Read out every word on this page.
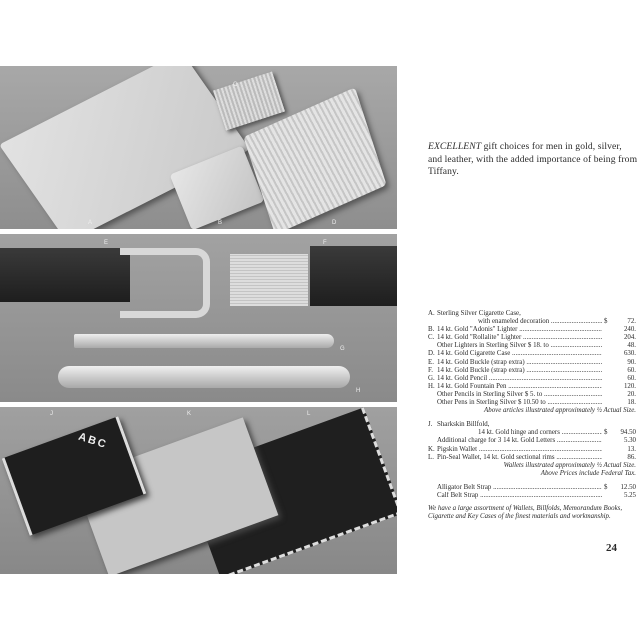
A	B
C
D
E	F
G
H
ABC
J	K	L
EXCELLENT gift choices for men in gold, silver, and leather, with the added importance of being from Tiffany.
A. Sterling Silver Cigarette Case,
with enameled decoration .....	$	72.
B. 14 kt. Gold "Adonis" Lighter .....	240.
C. 14 kt. Gold "Rollalite" Lighter .....	204.
Other Lighters in Sterling Silver $ 18. to .....	48.
D. 14 kt. Gold Cigarette Case .....	630.
E. 14 kt. Gold Buckle (strap extra) .....	90.
F. 14 kt. Gold Buckle (strap extra) .....	60.
G. 14 kt. Gold Pencil .....	60.
H. 14 kt. Gold Fountain Pen .....	120.
Other Pencils in Sterling Silver $ 5. to .....	20.
Other Pens in Sterling Silver $ 10.50 to .....	18.
Above articles illustrated approximately ½ Actual Size.
J. Sharkskin Billfold,
14 kt. Gold hinge and corners .....	$ 94.50
Additional charge for 3 14 kt. Gold Letters .....	5.30
K. Pigskin Wallet .....	13.
L. Pin-Seal Wallet, 14 kt. Gold sectional rims .....	86.
Wallets illustrated approximately ½ Actual Size.
Above Prices include Federal Tax.
Alligator Belt Strap .....	$ 12.50
Calf Belt Strap .....	5.25
We have a large assortment of Wallets, Billfolds, Memorandum Books, Cigarette and Key Cases of the finest materials and workmanship.
24
